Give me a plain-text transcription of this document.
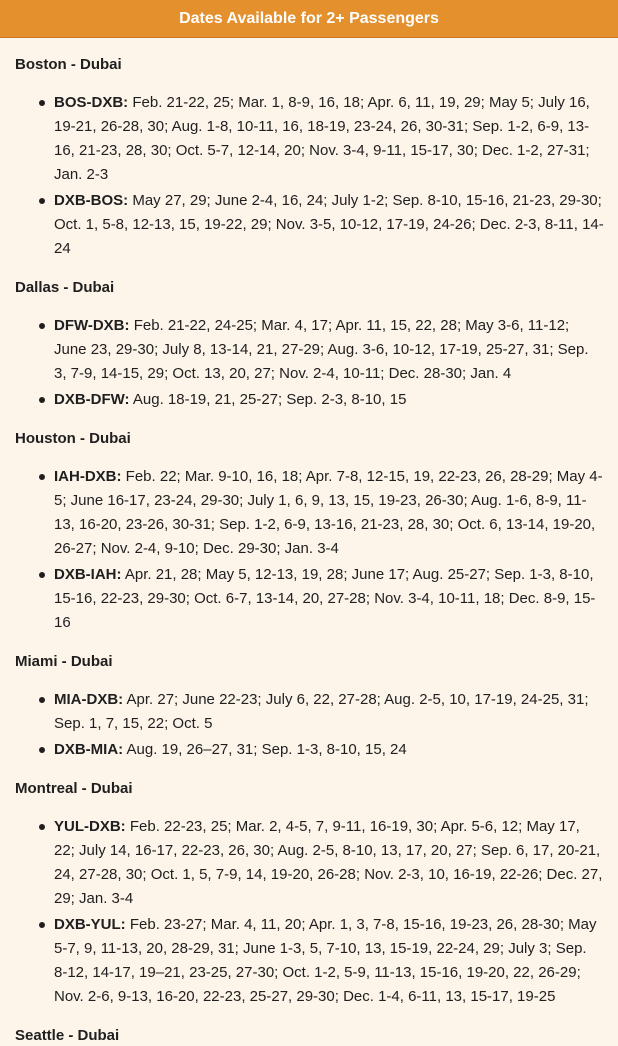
Dates Available for 2+ Passengers
Boston - Dubai
BOS-DXB: Feb. 21-22, 25; Mar. 1, 8-9, 16, 18; Apr. 6, 11, 19, 29; May 5; July 16, 19-21, 26-28, 30; Aug. 1-8, 10-11, 16, 18-19, 23-24, 26, 30-31; Sep. 1-2, 6-9, 13-16, 21-23, 28, 30; Oct. 5-7, 12-14, 20; Nov. 3-4, 9-11, 15-17, 30; Dec. 1-2, 27-31; Jan. 2-3
DXB-BOS: May 27, 29; June 2-4, 16, 24; July 1-2; Sep. 8-10, 15-16, 21-23, 29-30; Oct. 1, 5-8, 12-13, 15, 19-22, 29; Nov. 3-5, 10-12, 17-19, 24-26; Dec. 2-3, 8-11, 14-24
Dallas - Dubai
DFW-DXB: Feb. 21-22, 24-25; Mar. 4, 17; Apr. 11, 15, 22, 28; May 3-6, 11-12; June 23, 29-30; July 8, 13-14, 21, 27-29; Aug. 3-6, 10-12, 17-19, 25-27, 31; Sep. 3, 7-9, 14-15, 29; Oct. 13, 20, 27; Nov. 2-4, 10-11; Dec. 28-30; Jan. 4
DXB-DFW: Aug. 18-19, 21, 25-27; Sep. 2-3, 8-10, 15
Houston - Dubai
IAH-DXB: Feb. 22; Mar. 9-10, 16, 18; Apr. 7-8, 12-15, 19, 22-23, 26, 28-29; May 4-5; June 16-17, 23-24, 29-30; July 1, 6, 9, 13, 15, 19-23, 26-30; Aug. 1-6, 8-9, 11-13, 16-20, 23-26, 30-31; Sep. 1-2, 6-9, 13-16, 21-23, 28, 30; Oct. 6, 13-14, 19-20, 26-27; Nov. 2-4, 9-10; Dec. 29-30; Jan. 3-4
DXB-IAH: Apr. 21, 28; May 5, 12-13, 19, 28; June 17; Aug. 25-27; Sep. 1-3, 8-10, 15-16, 22-23, 29-30; Oct. 6-7, 13-14, 20, 27-28; Nov. 3-4, 10-11, 18; Dec. 8-9, 15-16
Miami - Dubai
MIA-DXB: Apr. 27; June 22-23; July 6, 22, 27-28; Aug. 2-5, 10, 17-19, 24-25, 31; Sep. 1, 7, 15, 22; Oct. 5
DXB-MIA: Aug. 19, 26–27, 31; Sep. 1-3, 8-10, 15, 24
Montreal - Dubai
YUL-DXB: Feb. 22-23, 25; Mar. 2, 4-5, 7, 9-11, 16-19, 30; Apr. 5-6, 12; May 17, 22; July 14, 16-17, 22-23, 26, 30; Aug. 2-5, 8-10, 13, 17, 20, 27; Sep. 6, 17, 20-21, 24, 27-28, 30; Oct. 1, 5, 7-9, 14, 19-20, 26-28; Nov. 2-3, 10, 16-19, 22-26; Dec. 27, 29; Jan. 3-4
DXB-YUL: Feb. 23-27; Mar. 4, 11, 20; Apr. 1, 3, 7-8, 15-16, 19-23, 26, 28-30; May 5-7, 9, 11-13, 20, 28-29, 31; June 1-3, 5, 7-10, 13, 15-19, 22-24, 29; July 3; Sep. 8-12, 14-17, 19–21, 23-25, 27-30; Oct. 1-2, 5-9, 11-13, 15-16, 19-20, 22, 26-29; Nov. 2-6, 9-13, 16-20, 22-23, 25-27, 29-30; Dec. 1-4, 6-11, 13, 15-17, 19-25
Seattle - Dubai
